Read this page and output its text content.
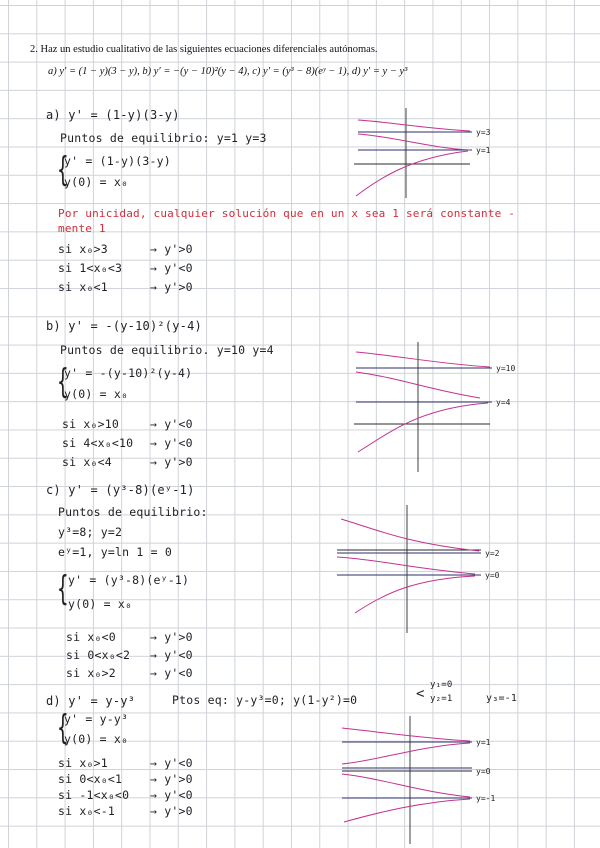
2. Haz un estudio cualitativo de las siguientes ecuaciones diferenciales autónomas.
a) y′ = (1 − y)(3 − y), b) y′ = −(y − 10)²(y − 4), c) y′ = (y³ − 8)(eʸ − 1), d) y′ = y − y³
a) y' = (1-y)(3-y)
Puntos de equilibrio: y=1 y=3
{
y' = (1-y)(3-y)
y(0) = x₀
Por unicidad, cualquier solución que en un x sea 1 será constante -
mente 1
si x₀>3	→ y'>0
si 1<x₀<3 → y'<0
si x₀<1	→ y'>0
y=3
y=1
b) y' = -(y-10)²(y-4)
Puntos de equilibrio. y=10 y=4
{
y' = -(y-10)²(y-4)
y(0) = x₀
si x₀>10	→ y'<0
si 4<x₀<10 → y'<0
si x₀<4	→ y'>0
y=10
y=4
c) y' = (y³-8)(eʸ-1)
Puntos de equilibrio:
y³=8; y=2
eʸ=1, y=ln 1 = 0
{ y' = (y³-8)(eʸ-1)
y(0) = x₀
si x₀<0	→ y'>0
si 0<x₀<2 → y'<0
si x₀>2	→ y'<0
y=2
y=0
d) y' = y-y³	Ptos eq: y-y³=0; y(1-y²)=0	<
y₁=0
y₂=1	y₃=-1
{
y' = y-y³
y(0) = x₀
si x₀>1	→ y'<0
si 0<x₀<1 → y'>0
si -1<x₀<0 → y'<0
si x₀<-1	→ y'>0
y=1
y=0
y=-1
